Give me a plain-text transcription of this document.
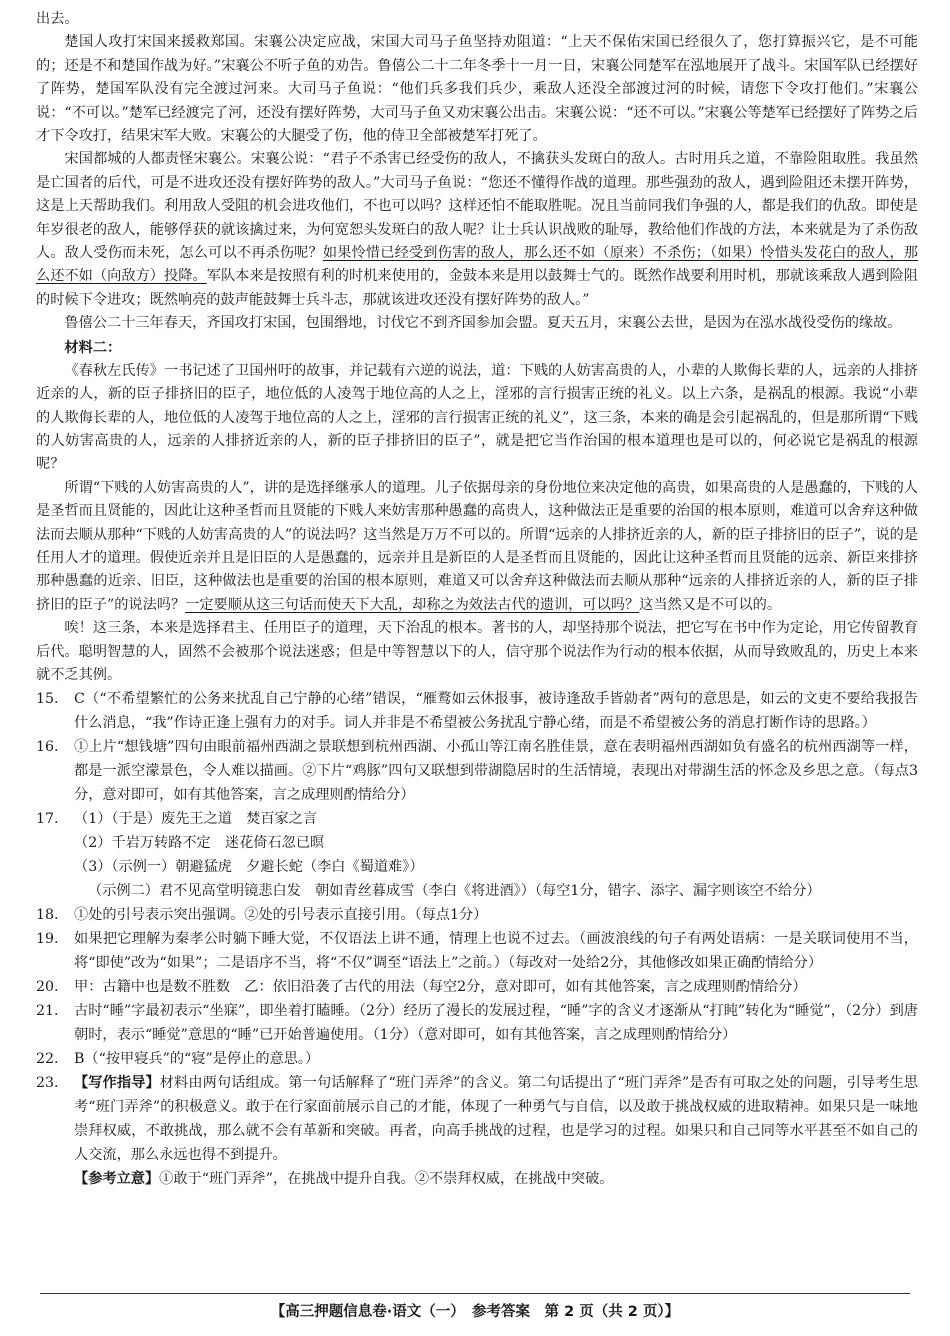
出去。

楚国人攻打宋国来援救郑国。宋襄公决定应战，宋国大司马子鱼坚持劝阻道：“上天不保佑宋国已经很久了，您打算振兴它，是不可能的；还是不和楚国作战为好。”宋襄公不听子鱼的劝告。鲁僖公二十二年冬季十一月一日，宋襄公同楚军在泓地展开了战斗。宋国军队已经摆好了阵势，楚国军队没有完全渡过河来。大司马子鱼说：“他们兵多我们兵少，乘敌人还没全部渡过河的时候，请您下令攻打他们。”宋襄公说：“不可以。”楚军已经渡完了河，还没有摆好阵势，大司马子鱼又劝宋襄公出击。宋襄公说：“还不可以。”宋襄公等楚军已经摆好了阵势之后才下令攻打，结果宋军大败。宋襄公的大腿受了伤，他的侍卫全部被楚军打死了。

宋国都城的人都责怪宋襄公。宋襄公说：“君子不杀害已经受伤的敌人，不擒获头发斑白的敌人。古时用兵之道，不靠险阻取胜。我虽然是亡国者的后代，可是不进攻还没有摆好阵势的敌人。”大司马子鱼说：“您还不懂得作战的道理。那些强劲的敌人，遇到险阻还未摆开阵势，这是上天帮助我们。利用敌人受阻的机会进攻他们，不也可以吗？这样还怕不能取胜呢。况且当前同我们争强的人，都是我们的仇敌。即使是年岁很老的敌人，能够俘获的就该擒过来，为何宽恕头发斑白的敌人呢？让士兵认识战败的耻辱，教给他们作战的方法，本来就是为了杀伤敌人。敌人受伤而未死，怎么可以不再杀伤呢？如果怜惜已经受到伤害的敌人，那么还不如（原来）不杀伤；（如果）怜惜头发花白的敌人，那么还不如（向敌方）投降。军队本来是按照有利的时机来使用的，金鼓本来是用以鼓舞士气的。既然作战要利用时机，那就该乘敌人遇到险阻的时候下令进攻；既然响亮的鼓声能鼓舞士兵斗志，那就该进攻还没有摆好阵势的敌人。”

鲁僖公二十三年春天，齐国攻打宋国，包围缗地，讨伐它不到齐国参加会盟。夏天五月，宋襄公去世，是因为在泓水战役受伤的缘故。

材料二：

《春秋左氏传》一书记述了卫国州吁的故事，并记载有六逆的说法，道：下贱的人妨害高贵的人，小辈的人欺侮长辈的人，远亲的人排挤近亲的人，新的臣子排挤旧的臣子，地位低的人凌驾于地位高的人之上，淫邪的言行损害正统的礼义。以上六条，是祸乱的根源。我说“小辈的人欺侮长辈的人，地位低的人凌驾于地位高的人之上，淫邪的言行损害正统的礼义”，这三条，本来的确是会引起祸乱的，但是那所谓“下贱的人妨害高贵的人，远亲的人排挤近亲的人，新的臣子排挤旧的臣子”，就是把它当作治国的根本道理也是可以的，何必说它是祸乱的根源呢？

所谓“下贱的人妨害高贵的人”，讲的是选择继承人的道理。儿子依据母亲的身份地位来决定他的高贵，如果高贵的人是愚蠢的，下贱的人是圣哲而且贤能的，因此让这种圣哲而且贤能的下贱人来妨害那种愚蠢的高贵人，这种做法正是重要的治国的根本原则，难道可以舍弃这种做法而去顺从那种“下贱的人妨害高贵的人”的说法吗？这当然是万万不可以的。所谓“远亲的人排挤近亲的人，新的臣子排挤旧的臣子”，说的是任用人才的道理。假使近亲并且是旧臣的人是愚蠢的，远亲并且是新臣的人是圣哲而且贤能的，因此让这种圣哲而且贤能的远亲、新臣来排挤那种愚蠢的近亲、旧臣，这种做法也是重要的治国的根本原则，难道又可以舍弃这种做法而去顺从那种“远亲的人排挤近亲的人，新的臣子排挤旧的臣子”的说法吗？一定要顺从这三句话而使天下大乱，却称之为效法古代的遗训，可以吗？这当然又是不可以的。

唉！这三条，本来是选择君主、任用臣子的道理，天下治乱的根本。著书的人，却坚持那个说法，把它写在书中作为定论，用它传留教育后代。聪明智慧的人，固然不会被那个说法迷惑；但是中等智慧以下的人，信守那个说法作为行动的根本依据，从而导致败乱的，历史上本来就不乏其例。

15.	C（“不希望繁忙的公务来扰乱自己宁静的心绪”错误，“雁鹜如云休报事，被诗逢敌手皆勍者”两句的意思是，如云的文吏不要给我报告什么消息，“我”作诗正逢上强有力的对手。词人并非是不希望被公务扰乱宁静心绪，而是不希望被公务的消息打断作诗的思路。）
16.	①上片“想钱塘”四句由眼前福州西湖之景联想到杭州西湖、小孤山等江南名胜佳景，意在表明福州西湖如负有盛名的杭州西湖等一样，都是一派空濛景色，令人难以描画。②下片“鸡豚”四句又联想到带湖隐居时的生活情境，表现出对带湖生活的怀念及乡思之意。（每点3分，意对即可，如有其他答案，言之成理则酌情给分）
17.	（1）（于是）废先王之道　焚百家之言

（2）千岩万转路不定　迷花倚石忽已暝

（3）（示例一）朝避猛虎　夕避长蛇（李白《蜀道难》）

（示例二）君不见高堂明镜悲白发　朝如青丝暮成雪（李白《将进酒》）（每空1分，错字、添字、漏字则该空不给分）

18.	①处的引号表示突出强调。②处的引号表示直接引用。（每点1分）
19.	如果把它理解为秦孝公时躺下睡大觉，不仅语法上讲不通，情理上也说不过去。（画波浪线的句子有两处语病：一是关联词使用不当，将“即使”改为“如果”；二是语序不当，将“不仅”调至“语法上”之前。）（每改对一处给2分，其他修改如果正确酌情给分）
20.	甲：古籍中也是数不胜数　乙：依旧沿袭了古代的用法（每空2分，意对即可，如有其他答案，言之成理则酌情给分）
21.	古时“睡”字最初表示“坐寐”，即坐着打瞌睡。（2分）经历了漫长的发展过程，“睡”字的含义才逐渐从“打盹”转化为“睡觉”，（2分）到唐朝时，表示“睡觉”意思的“睡”已开始普遍使用。（1分）（意对即可，如有其他答案，言之成理则酌情给分）
22.	B（“按甲寝兵”的“寝”是停止的意思。）
23.	【写作指导】材料由两句话组成。第一句话解释了“班门弄斧”的含义。第二句话提出了“班门弄斧”是否有可取之处的问题，引导考生思考“班门弄斧”的积极意义。敢于在行家面前展示自己的才能，体现了一种勇气与自信，以及敢于挑战权威的进取精神。如果只是一味地崇拜权威，不敢挑战，那么就不会有革新和突破。再者，向高手挑战的过程，也是学习的过程。如果只和自己同等水平甚至不如自己的人交流，那么永远也得不到提升。
【参考立意】①敢于“班门弄斧”，在挑战中提升自我。②不崇拜权威，在挑战中突破。
【高三押题信息卷·语文（一）　参考答案　第 2 页（共 2 页）】
